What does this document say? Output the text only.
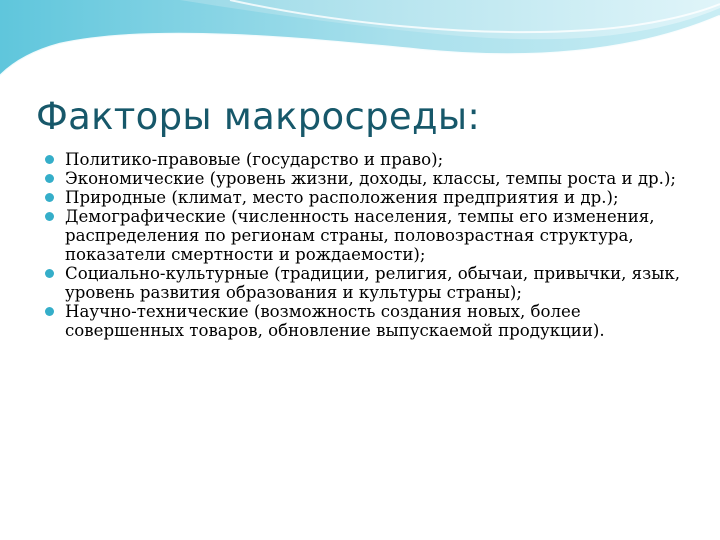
Факторы макросреды:
Политико-правовые (государство и право);
Экономические (уровень жизни, доходы, классы, темпы роста и др.);
Природные (климат, место расположения предприятия и др.);
Демографические (численность населения, темпы его изменения, распределения по регионам страны, половозрастная структура, показатели смертности и рождаемости);
Социально-культурные (традиции, религия, обычаи, привычки, язык, уровень развития образования и культуры страны);
Научно-технические (возможность создания новых, более совершенных товаров, обновление выпускаемой продукции).
